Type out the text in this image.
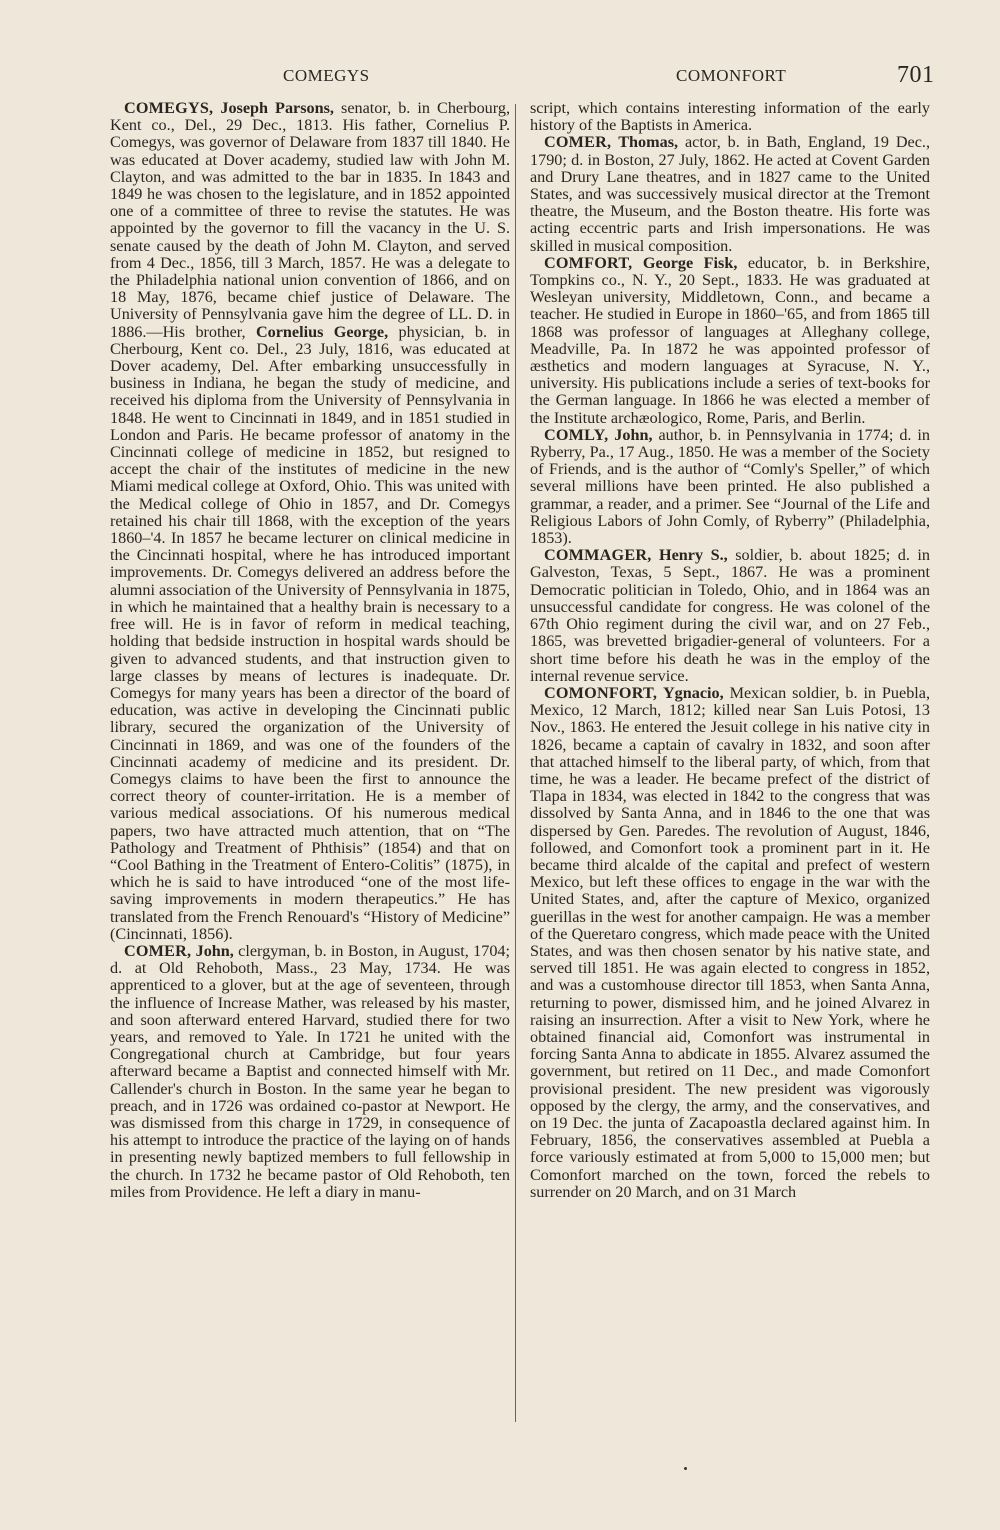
COMEGYS	COMONFORT	701

COMEGYS, Joseph Parsons, senator, b. in Cherbourg, Kent co., Del., 29 Dec., 1813. His father, Cornelius P. Comegys, was governor of Delaware from 1837 till 1840. He was educated at Dover academy, studied law with John M. Clayton, and was admitted to the bar in 1835. In 1843 and 1849 he was chosen to the legislature, and in 1852 appointed one of a committee of three to revise the statutes. He was appointed by the governor to fill the vacancy in the U. S. senate caused by the death of John M. Clayton, and served from 4 Dec., 1856, till 3 March, 1857. He was a delegate to the Philadelphia national union convention of 1866, and on 18 May, 1876, became chief justice of Delaware. The University of Pennsylvania gave him the degree of LL. D. in 1886.—His brother, Cornelius George, physician, b. in Cherbourg, Kent co. Del., 23 July, 1816, was educated at Dover academy, Del. After embarking unsuccessfully in business in Indiana, he began the study of medicine, and received his diploma from the University of Pennsylvania in 1848. He went to Cincinnati in 1849, and in 1851 studied in London and Paris. He became professor of anatomy in the Cincinnati college of medicine in 1852, but resigned to accept the chair of the institutes of medicine in the new Miami medical college at Oxford, Ohio. This was united with the Medical college of Ohio in 1857, and Dr. Comegys retained his chair till 1868, with the exception of the years 1860–'4. In 1857 he became lecturer on clinical medicine in the Cincinnati hospital, where he has introduced important improvements. Dr. Comegys delivered an address before the alumni association of the University of Pennsylvania in 1875, in which he maintained that a healthy brain is necessary to a free will. He is in favor of reform in medical teaching, holding that bedside instruction in hospital wards should be given to advanced students, and that instruction given to large classes by means of lectures is inadequate. Dr. Comegys for many years has been a director of the board of education, was active in developing the Cincinnati public library, secured the organization of the University of Cincinnati in 1869, and was one of the founders of the Cincinnati academy of medicine and its president. Dr. Comegys claims to have been the first to announce the correct theory of counter-irritation. He is a member of various medical associations. Of his numerous medical papers, two have attracted much attention, that on “The Pathology and Treatment of Phthisis” (1854) and that on “Cool Bathing in the Treatment of Entero-Colitis” (1875), in which he is said to have introduced “one of the most life-saving improvements in modern therapeutics.” He has translated from the French Renouard's “History of Medicine” (Cincinnati, 1856).

COMER, John, clergyman, b. in Boston, in August, 1704; d. at Old Rehoboth, Mass., 23 May, 1734. He was apprenticed to a glover, but at the age of seventeen, through the influence of Increase Mather, was released by his master, and soon afterward entered Harvard, studied there for two years, and removed to Yale. In 1721 he united with the Congregational church at Cambridge, but four years afterward became a Baptist and connected himself with Mr. Callender's church in Boston. In the same year he began to preach, and in 1726 was ordained co-pastor at Newport. He was dismissed from this charge in 1729, in consequence of his attempt to introduce the practice of the laying on of hands in presenting newly baptized members to full fellowship in the church. In 1732 he became pastor of Old Rehoboth, ten miles from Providence. He left a diary in manu-

script, which contains interesting information of the early history of the Baptists in America.

COMER, Thomas, actor, b. in Bath, England, 19 Dec., 1790; d. in Boston, 27 July, 1862. He acted at Covent Garden and Drury Lane theatres, and in 1827 came to the United States, and was successively musical director at the Tremont theatre, the Museum, and the Boston theatre. His forte was acting eccentric parts and Irish impersonations. He was skilled in musical composition.

COMFORT, George Fisk, educator, b. in Berkshire, Tompkins co., N. Y., 20 Sept., 1833. He was graduated at Wesleyan university, Middletown, Conn., and became a teacher. He studied in Europe in 1860–'65, and from 1865 till 1868 was professor of languages at Alleghany college, Meadville, Pa. In 1872 he was appointed professor of æsthetics and modern languages at Syracuse, N. Y., university. His publications include a series of text-books for the German language. In 1866 he was elected a member of the Institute archæologico, Rome, Paris, and Berlin.

COMLY, John, author, b. in Pennsylvania in 1774; d. in Ryberry, Pa., 17 Aug., 1850. He was a member of the Society of Friends, and is the author of “Comly's Speller,” of which several millions have been printed. He also published a grammar, a reader, and a primer. See “Journal of the Life and Religious Labors of John Comly, of Ryberry” (Philadelphia, 1853).

COMMAGER, Henry S., soldier, b. about 1825; d. in Galveston, Texas, 5 Sept., 1867. He was a prominent Democratic politician in Toledo, Ohio, and in 1864 was an unsuccessful candidate for congress. He was colonel of the 67th Ohio regiment during the civil war, and on 27 Feb., 1865, was brevetted brigadier-general of volunteers. For a short time before his death he was in the employ of the internal revenue service.

COMONFORT, Ygnacio, Mexican soldier, b. in Puebla, Mexico, 12 March, 1812; killed near San Luis Potosi, 13 Nov., 1863. He entered the Jesuit college in his native city in 1826, became a captain of cavalry in 1832, and soon after that attached himself to the liberal party, of which, from that time, he was a leader. He became prefect of the district of Tlapa in 1834, was elected in 1842 to the congress that was dissolved by Santa Anna, and in 1846 to the one that was dispersed by Gen. Paredes. The revolution of August, 1846, followed, and Comonfort took a prominent part in it. He became third alcalde of the capital and prefect of western Mexico, but left these offices to engage in the war with the United States, and, after the capture of Mexico, organized guerillas in the west for another campaign. He was a member of the Queretaro congress, which made peace with the United States, and was then chosen senator by his native state, and served till 1851. He was again elected to congress in 1852, and was a customhouse director till 1853, when Santa Anna, returning to power, dismissed him, and he joined Alvarez in raising an insurrection. After a visit to New York, where he obtained financial aid, Comonfort was instrumental in forcing Santa Anna to abdicate in 1855. Alvarez assumed the government, but retired on 11 Dec., and made Comonfort provisional president. The new president was vigorously opposed by the clergy, the army, and the conservatives, and on 19 Dec. the junta of Zacapoastla declared against him. In February, 1856, the conservatives assembled at Puebla a force variously estimated at from 5,000 to 15,000 men; but Comonfort marched on the town, forced the rebels to surrender on 20 March, and on 31 March
